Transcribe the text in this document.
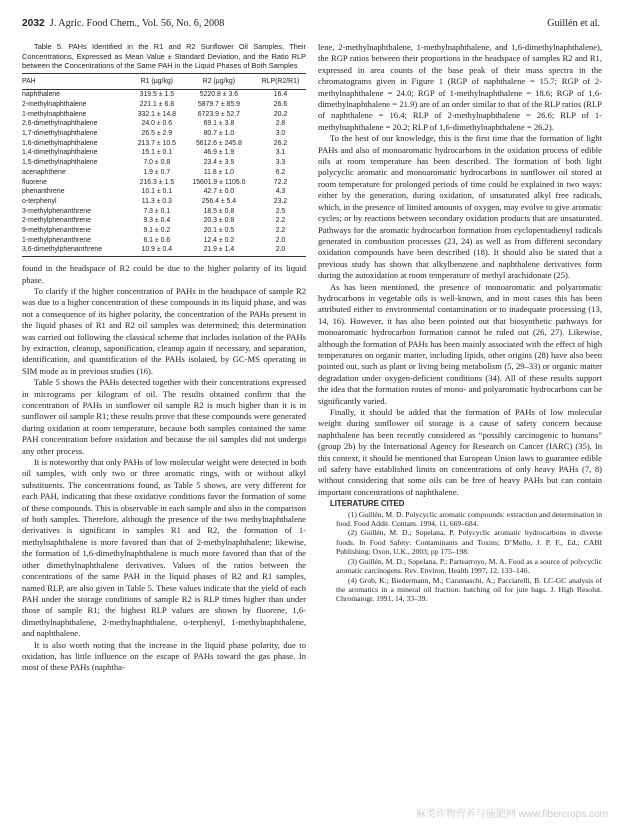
2032 J. Agric. Food Chem., Vol. 56, No. 6, 2008	Guillén et al.

Table 5. PAHs Identified in the R1 and R2 Sunflower Oil Samples, Their Concentrations, Expressed as Mean Value ± Standard Deviation, and the Ratio RLP between the Concentrations of the Same PAH in the Liquid Phases of Both Samples

PAH	R1 (μg/kg)	R2 (μg/kg)	RLP(R2/R1)
naphthalene	319.5 ± 1.5	5220.8 ± 3.6	16.4
2-methylnaphthalene	221.1 ± 6.8	5879.7 ± 85.9	26.6
1-methylnaphthalene	332.1 ± 14.8	6723.9 ± 52.7	20.2
2,6-dimethylnaphthalene	24.0 ± 0.6	69.1 ± 3.8	2.8
1,7-dimethylnaphthalene	26.5 ± 2.9	80.7 ± 1.0	3.0
1,6-dimethylnaphthalene	213.7 ± 10.5	5612.6 ± 245.8	26.2
1,4-dimethylnaphthalene	15.1 ± 0.1	46.9 ± 1.9	3.1
1,5-dimethylnaphthalene	7.0 ± 0.8	23.4 ± 3.5	3.3
acenaphthene	1.9 ± 0.7	11.8 ± 1.0	6.2
fluorene	216.3 ± 1.5	15601.9 ± 1105.0	72.2
phenanthrene	10.1 ± 0.1	42.7 ± 0.0	4.3
o-terphenyl	11.3 ± 0.3	256.4 ± 5.4	23.2
3-methylphenanthrene	7.3 ± 0.1	18.5 ± 0.8	2.5
2-methylphenanthrene	9.3 ± 0.4	20.3 ± 0.8	2.2
9-methylphenanthrene	9.1 ± 0.2	20.1 ± 0.5	2.2
1-methylphenanthrene	6.1 ± 0.6	12.4 ± 0.2	2.0
3,6-dimethylphenanthrene	10.9 ± 0.4	21.9 ± 1.4	2.0

found in the headspace of R2 could be due to the higher polarity of its liquid phase.

To clarify if the higher concentration of PAHs in the headspace of sample R2 was due to a higher concentration of these compounds in its liquid phase, and was not a consequence of its higher polarity, the concentration of the PAHs present in the liquid phases of R1 and R2 oil samples was determined; this determination was carried out following the classical scheme that includes isolation of the PAHs by extraction, cleanup, saponification, cleanup again if necessary, and separation, identification, and quantification of the PAHs isolated, by GC-MS operating in SIM mode as in previous studies (16).

Table 5 shows the PAHs detected together with their concentrations expressed in micrograms per kilogram of oil. The results obtained confirm that the concentration of PAHs in sunflower oil sample R2 is much higher than it is in sunflower oil sample R1; these results prove that these compounds were generated during oxidation at room temperature, because both samples contained the same PAH concentration before oxidation and because the oil samples did not undergo any other process.

It is noteworthy that only PAHs of low molecular weight were detected in both oil samples, with only two or three aromatic rings, with or without alkyl substituents. The concentrations found, as Table 5 shows, are very different for each PAH, indicating that these oxidative conditions favor the formation of some of these compounds. This is observable in each sample and also in the comparison of both samples. Therefore, although the presence of the two methylnaphthalene derivatives is significant in samples R1 and R2, the formation of 1-methylnaphthalene is more favored than that of 2-methylnaphthalene; likewise, the formation of 1,6-dimethylnaphthalene is much more favored than that of the other dimethylnaphthalene derivatives. Values of the ratios between the concentrations of the same PAH in the liquid phases of R2 and R1 samples, named RLP, are also given in Table 5. These values indicate that the yield of each PAH under the storage conditions of sample R2 is RLP times higher than under those of sample R1; the highest RLP values are shown by fluorene, 1,6-dimethylnaphthalene, 2-methylnaphthalene, o-terphenyl, 1-methylnaphthalene, and naphthalene.

It is also worth noting that the increase in the liquid phase polarity, due to oxidation, has little influence on the escape of PAHs toward the gas phase. In most of these PAHs (naphtha-

lene, 2-methylnaphthalene, 1-methylnaphthalene, and 1,6-dimethylnaphthalene), the RGP ratios between their proportions in the headspace of samples R2 and R1, expressed in area counts of the base peak of their mass spectra in the chromatograms given in Figure 1 (RGP of naphthalene = 15.7; RGP of 2-methylnaphthalene = 24.0; RGP of 1-methylnaphthalene = 18.6; RGP of 1,6-dimethylnaphthalene = 21.9) are of an order similar to that of the RLP ratios (RLP of naphthalene = 16.4; RLP of 2-methylnaphthalene = 26.6; RLP of 1-methylnaphthalene = 20.2; RLP of 1,6-dimethylnaphthalene = 26.2).

To the best of our knowledge, this is the first time that the formation of light PAHs and also of monoaromatic hydrocarbons in the oxidation process of edible oils at room temperature has been described. The formation of both light polycyclic aromatic and monoaromatic hydrocarbons in sunflower oil stored at room temperature for prolonged periods of time could be explained in two ways: either by the generation, during oxidation, of unsaturated alkyl free radicals, which, in the presence of limited amounts of oxygen, may evolve to give aromatic cycles; or by reactions between secondary oxidation products that are unsaturated. Pathways for the aromatic hydrocarbon formation from cyclopentadienyl radicals generated in combustion processes (23, 24) as well as from different secondary oxidation compounds have been described (18). It should also be stated that a previous study has shown that alkylbenzene and naphthalene derivatives form during the autoxidation at room temperature of methyl arachidonate (25).

As has been mentioned, the presence of monoaromatic and polyaromatic hydrocarbons in vegetable oils is well-known, and in most cases this has been attributed either to environmental contamination or to inadequate processing (13, 14, 16). However, it has also been pointed out that biosynthetic pathways for monoaromatic hydrocarbon formation cannot be ruled out (26, 27). Likewise, although the formation of PAHs has been mainly associated with the effect of high temperatures on organic matter, including lipids, other origins (28) have also been pointed out, such as plant or living being metabolism (5, 29–33) or organic matter degradation under oxygen-deficient conditions (34). All of these results support the idea that the formation routes of mono- and polyaromatic hydrocarbons can be significantly varied.

Finally, it should be added that the formation of PAHs of low molecular weight during sunflower oil storage is a cause of safety concern because naphthalene has been recently considered as “possibly carcinogenic to humans” (group 2b) by the International Agency for Research on Cancer (IARC) (35). In this context, it should be mentioned that European Union laws to guarantee edible oil safety have established limits on concentrations of only heavy PAHs (7, 8) without considering that some oils can be free of heavy PAHs but can contain important concentrations of naphthalene.

LITERATURE CITED

(1) Guillén, M. D. Polycyclic aromatic compounds: extraction and determination in food. Food Addit. Contam. 1994, 11, 669–684.

(2) Guillén, M. D.; Sopelana, P. Polycyclic aromatic hydrocarbons in diverse foods. In Food Safety: Contaminants and Toxins; D’Mello, J. P. F., Ed.; CABI Publishing: Oxon, U.K., 2003; pp 175–198.

(3) Guillén, M. D.; Sopelana, P.; Partearroyo, M. A. Food as a source of polycyclic aromatic carcinogens. Rev. Environ. Health 1997, 12, 133–146.

(4) Grob, K.; Biedermann, M.; Caramaschi, A.; Pacciarelli, B. LC-GC analysis of the aromatics in a mineral oil fraction: batching oil for jute bags. J. High Resolut. Chromatogr. 1991, 14, 33–39.

麻类作物营养与施肥网 www.fibercrops.com
